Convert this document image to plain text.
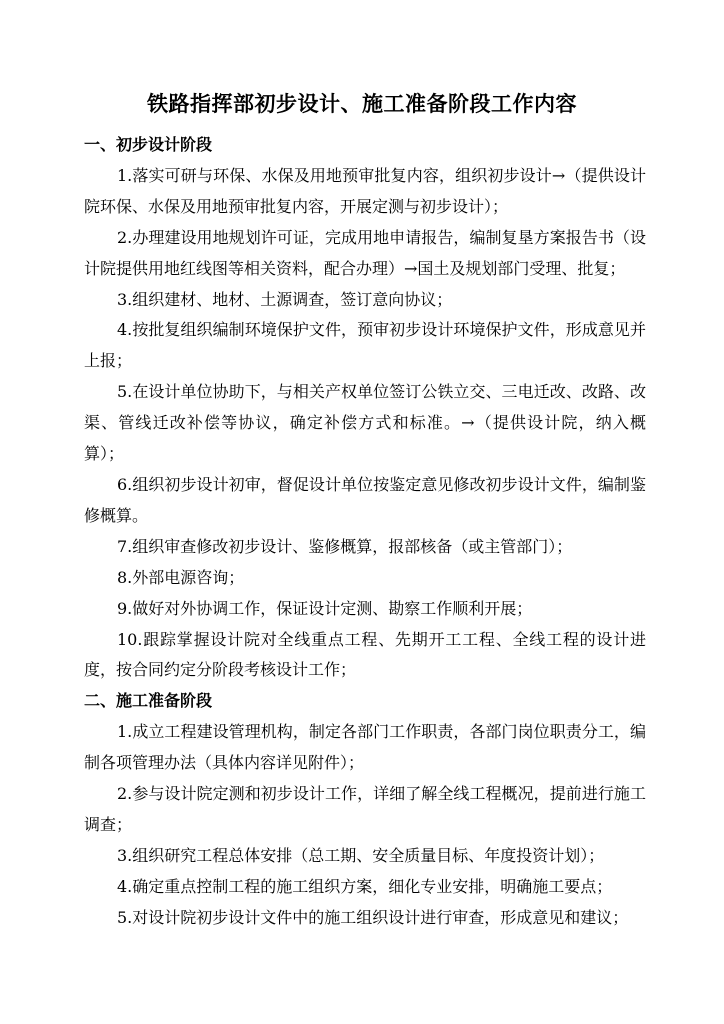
铁路指挥部初步设计、施工准备阶段工作内容

一、初步设计阶段

1.落实可研与环保、水保及用地预审批复内容，组织初步设计→（提供设计院环保、水保及用地预审批复内容，开展定测与初步设计）；

2.办理建设用地规划许可证，完成用地申请报告，编制复垦方案报告书（设计院提供用地红线图等相关资料，配合办理）→国土及规划部门受理、批复；

3.组织建材、地材、土源调查，签订意向协议；

4.按批复组织编制环境保护文件，预审初步设计环境保护文件，形成意见并上报；

5.在设计单位协助下，与相关产权单位签订公铁立交、三电迁改、改路、改渠、管线迁改补偿等协议，确定补偿方式和标准。→（提供设计院，纳入概算）；

6.组织初步设计初审，督促设计单位按鉴定意见修改初步设计文件，编制鉴修概算。

7.组织审查修改初步设计、鉴修概算，报部核备（或主管部门）；

8.外部电源咨询；

9.做好对外协调工作，保证设计定测、勘察工作顺利开展；

10.跟踪掌握设计院对全线重点工程、先期开工工程、全线工程的设计进度，按合同约定分阶段考核设计工作；

二、施工准备阶段

1.成立工程建设管理机构，制定各部门工作职责，各部门岗位职责分工，编制各项管理办法（具体内容详见附件）；

2.参与设计院定测和初步设计工作，详细了解全线工程概况，提前进行施工调查；

3.组织研究工程总体安排（总工期、安全质量目标、年度投资计划）；

4.确定重点控制工程的施工组织方案，细化专业安排，明确施工要点；

5.对设计院初步设计文件中的施工组织设计进行审查，形成意见和建议；
